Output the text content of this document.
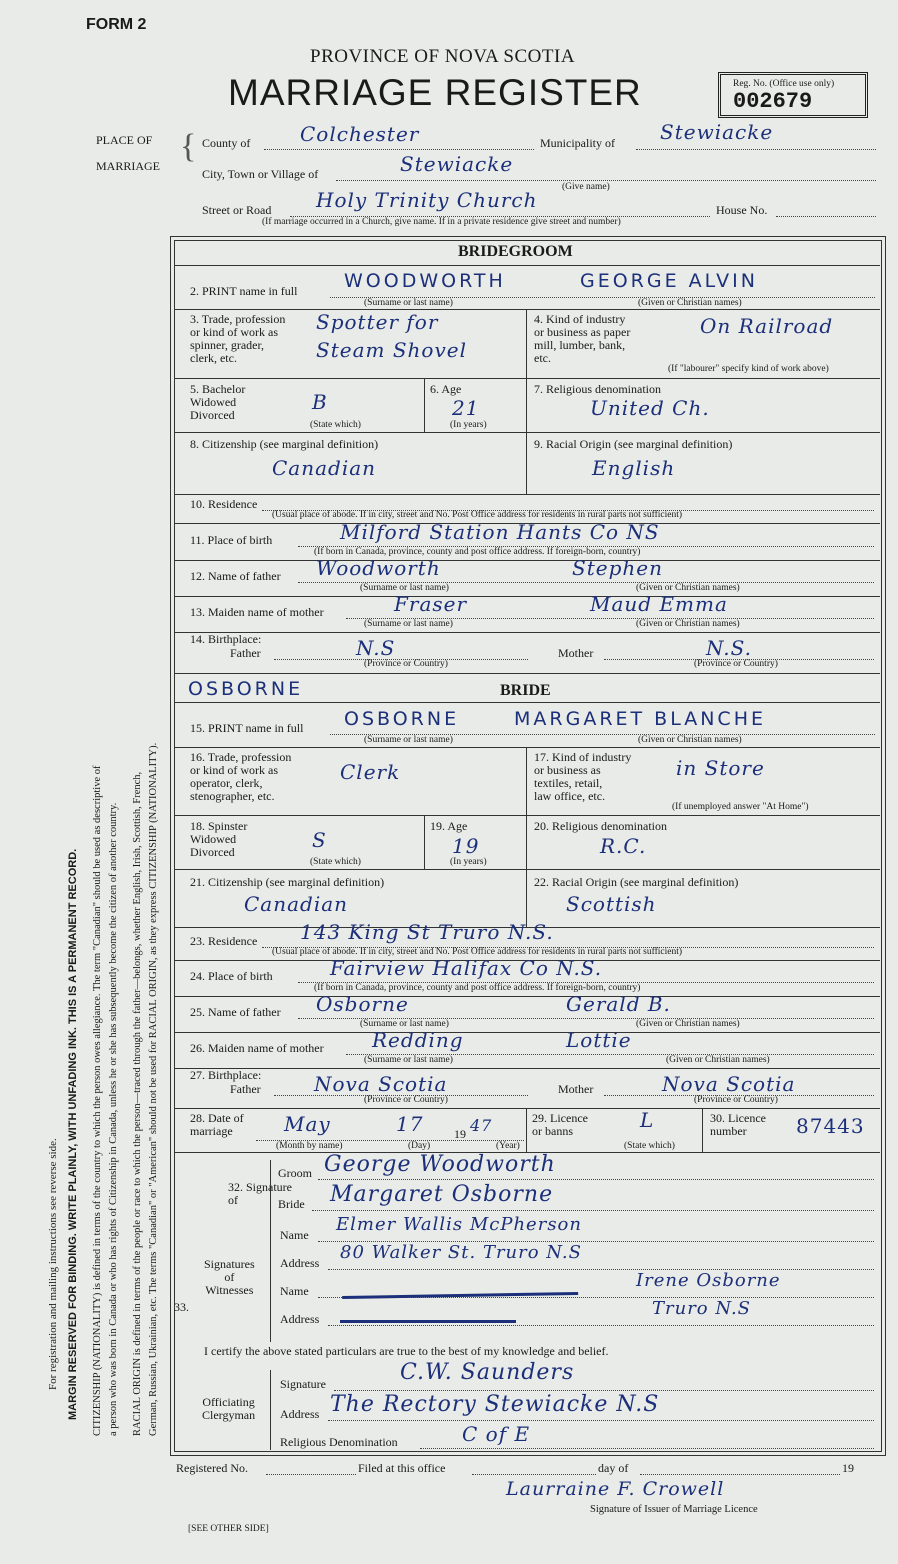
FORM 2
PROVINCE OF NOVA SCOTIA
MARRIAGE REGISTER	Reg. No. (Office use only)
002679
PLACE OF
MARRIAGE
{ County of Colchester	Municipality of Stewiacke
City, Town or Village of	Stewiacke
(Give name)
Street or Road Holy Trinity Church	House No.
(If marriage occurred in a Church, give name. If in a private residence give street and number)
For registration and mailing instructions see reverse side. MARGIN RESERVED FOR BINDING. WRITE PLAINLY, WITH UNFADING INK. THIS IS A PERMANENT RECORD. CITIZENSHIP (NATIONALITY) is defined in terms of the country to which the person owes allegiance. The term "Canadian" should be used as descriptive of a person who was born in Canada or who has rights of Citizenship in Canada, unless he or she has subsequently become the citizen of another country. RACIAL ORIGIN is defined in terms of the people or race to which the person—traced through the father—belongs, whether English, Irish, Scottish, French, German, Russian, Ukrainian, etc. The terms "Canadian" or "American" should not be used for RACIAL ORIGIN, as they express CITIZENSHIP (NATIONALITY).
BRIDEGROOM
2. PRINT name in full WOODWORTH	GEORGE ALVIN
(Surname or last name)	(Given or Christian names)
3. Trade, profession
or kind of work as
spinner, grader,
clerk, etc.
Spotter for
Steam Shovel
4. Kind of industry
or business as paper
mill, lumber, bank,
etc.
On Railroad
(If "labourer" specify kind of work above)
5. Bachelor
Widowed
Divorced
B
(State which)
6. Age
21
(In years)
7. Religious denomination
United Ch.
8. Citizenship (see marginal definition)
Canadian
9. Racial Origin (see marginal definition)
English
10. Residence
(Usual place of abode. If in city, street and No. Post Office address for residents in rural parts not sufficient)
11. Place of birth	Milford Station Hants Co NS
(If born in Canada, province, county and post office address. If foreign-born, country)
12. Name of father Woodworth	Stephen
(Surname or last name)	(Given or Christian names)
13. Maiden name of mother	Fraser	Maud Emma
(Surname or last name)	(Given or Christian names)
14. Birthplace:
Father	N.S	Mother	N.S.
(Province or Country)	(Province or Country)
OSBORNE	BRIDE
15. PRINT name in full OSBORNE	MARGARET BLANCHE
(Surname or last name)	(Given or Christian names)
16. Trade, profession
or kind of work as
operator, clerk,
stenographer, etc.
Clerk
17. Kind of industry
or business as
textiles, retail,
law office, etc.
in Store
(If unemployed answer "At Home")
18. Spinster
Widowed
Divorced	S
(State which)
19. Age
19
(In years)
20. Religious denomination
R.C.
21. Citizenship (see marginal definition)
Canadian
22. Racial Origin (see marginal definition)
Scottish
23. Residence 143 King St Truro N.S.
(Usual place of abode. If in city, street and No. Post Office address for residents in rural parts not sufficient)
24. Place of birth	Fairview Halifax Co N.S.
(If born in Canada, province, county and post office address. If foreign-born, country)
25. Name of father Osborne	Gerald B.
(Surname or last name)	(Given or Christian names)
26. Maiden name of mother Redding	Lottie
(Surname or last name)	(Given or Christian names)
27. Birthplace:
Father	Nova Scotia	Mother	Nova Scotia
(Province or Country)	(Province or Country)
28. Date of
marriage	May	17	19 47
(Month by name)	(Day)	(Year)
29. Licence
or banns	L
(State which)
30. Licence
number	87443
32. Signature
of
Groom George Woodworth
Bride Margaret Osborne
33.
Signatures
of
Witnesses
Name Elmer Wallis McPherson
Address 80 Walker St. Truro N.S
Name	Irene Osborne
Address	Truro N.S
I certify the above stated particulars are true to the best of my knowledge and belief.
Officiating
Clergyman
Signature	C.W. Saunders
Address The Rectory Stewiacke N.S
Religious Denomination	C of E
Registered No.	Filed at this office	day of	19
Laurraine F. Crowell
Signature of Issuer of Marriage Licence
[SEE OTHER SIDE]
